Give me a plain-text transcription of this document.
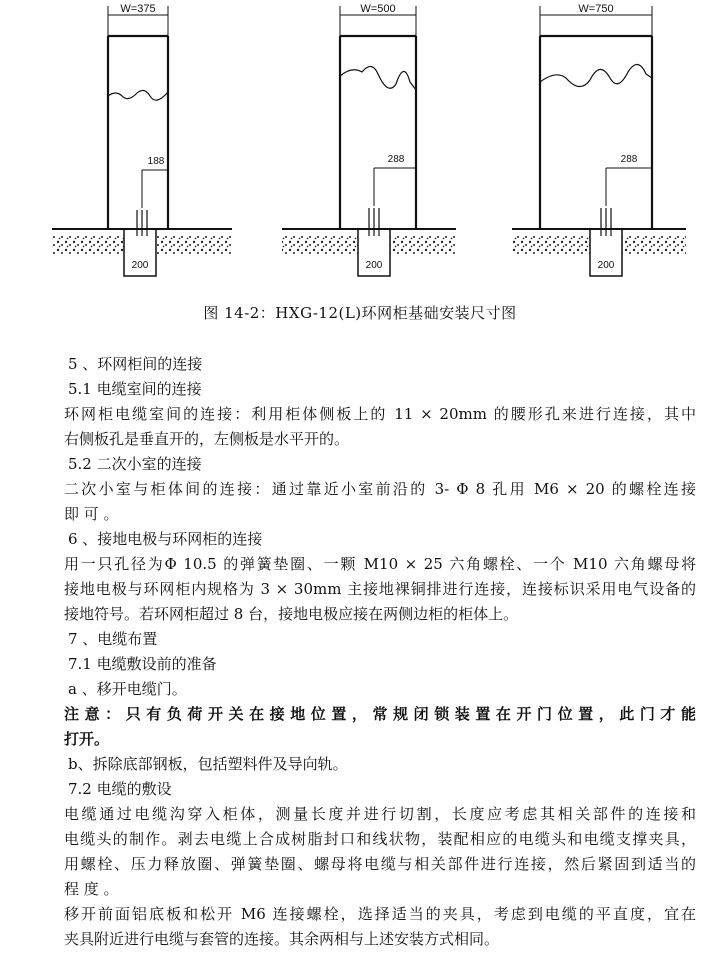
200
W=375
188
200
W=500
288
200
W=750
288
图 14-2：HXG-12(L)环网柜基础安装尺寸图
5 、环网柜间的连接
5.1 电缆室间的连接
环网柜电缆室间的连接：利用柜体侧板上的 11 × 20mm 的腰形孔来进行连接，其中
右侧板孔是垂直开的，左侧板是水平开的。
5.2 二次小室的连接
二次小室与柜体间的连接：通过靠近小室前沿的 3- Φ 8 孔用 M6 × 20 的螺栓连接
即 可 。
6 、接地电极与环网柜的连接
用一只孔径为Φ 10.5 的弹簧垫圈、一颗 M10 × 25 六角螺栓、一个 M10 六角螺母将
接地电极与环网柜内规格为 3 × 30mm 主接地裸铜排进行连接，连接标识采用电气设备的
接地符号。若环网柜超过 8 台，接地电极应接在两侧边柜的柜体上。
7 、电缆布置
7.1 电缆敷设前的准备
a 、移开电缆门。
注意：只有负荷开关在接地位置，常规闭锁装置在开门位置，此门才能
打开。
b、拆除底部钢板，包括塑料件及导向轨。
7.2 电缆的敷设
电缆通过电缆沟穿入柜体，测量长度并进行切割，长度应考虑其相关部件的连接和
电缆头的制作。剥去电缆上合成树脂封口和线状物，装配相应的电缆头和电缆支撑夹具，
用螺栓、压力释放圈、弹簧垫圈、螺母将电缆与相关部件进行连接，然后紧固到适当的
程 度 。
移开前面铝底板和松开 M6 连接螺栓，选择适当的夹具，考虑到电缆的平直度，宜在
夹具附近进行电缆与套管的连接。其余两相与上述安装方式相同。
